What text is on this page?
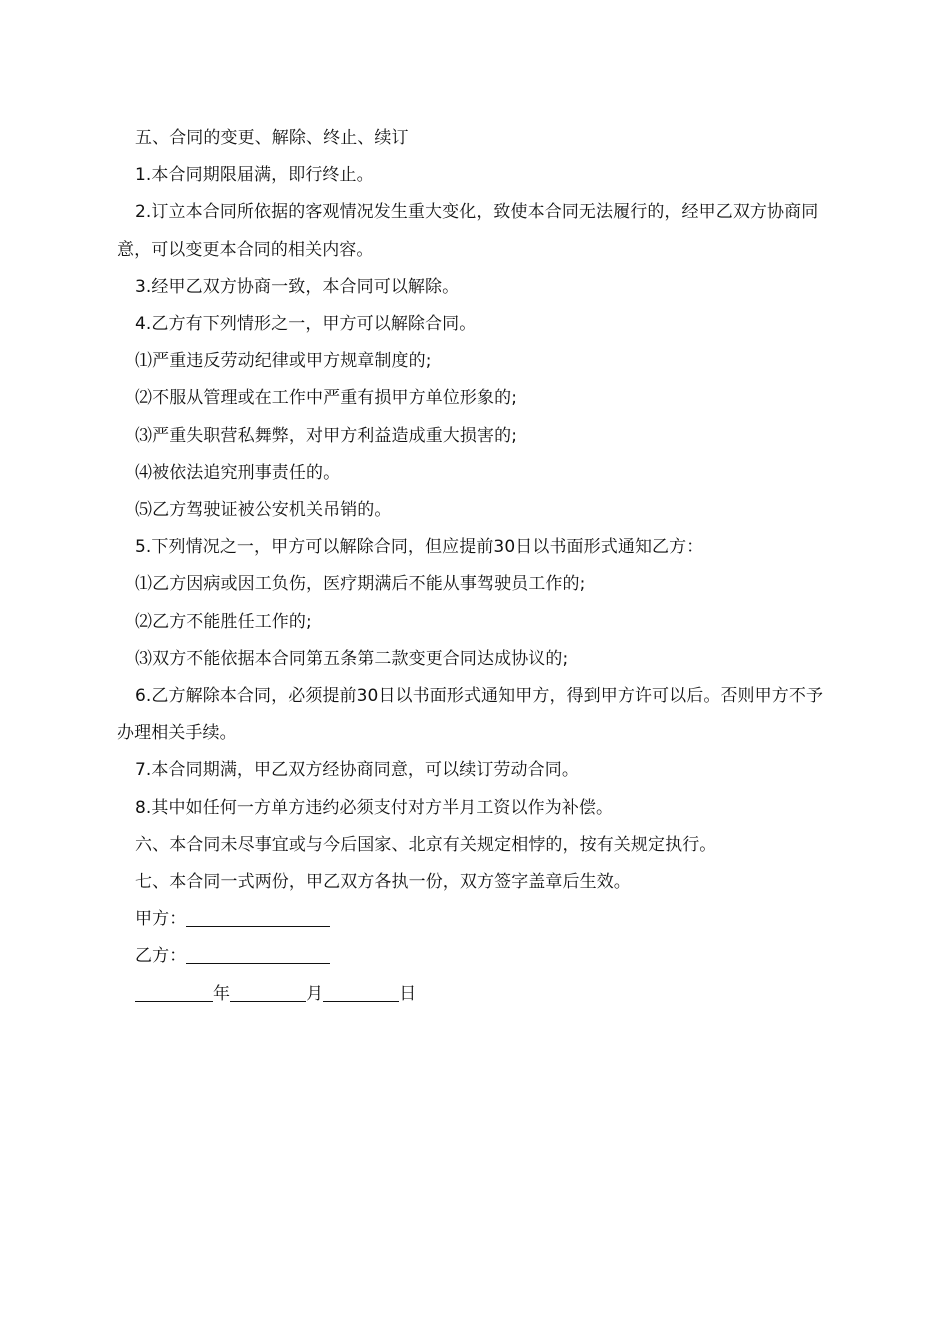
五、合同的变更、解除、终止、续订

1.本合同期限届满，即行终止。

2.订立本合同所依据的客观情况发生重大变化，致使本合同无法履行的，经甲乙双方协商同意，可以变更本合同的相关内容。

3.经甲乙双方协商一致，本合同可以解除。

4.乙方有下列情形之一，甲方可以解除合同。

⑴严重违反劳动纪律或甲方规章制度的;

⑵不服从管理或在工作中严重有损甲方单位形象的;

⑶严重失职营私舞弊，对甲方利益造成重大损害的;

⑷被依法追究刑事责任的。

⑸乙方驾驶证被公安机关吊销的。

5.下列情况之一，甲方可以解除合同，但应提前30日以书面形式通知乙方：

⑴乙方因病或因工负伤，医疗期满后不能从事驾驶员工作的;

⑵乙方不能胜任工作的;

⑶双方不能依据本合同第五条第二款变更合同达成协议的;

6.乙方解除本合同，必须提前30日以书面形式通知甲方，得到甲方许可以后。否则甲方不予办理相关手续。

7.本合同期满，甲乙双方经协商同意，可以续订劳动合同。

8.其中如任何一方单方违约必须支付对方半月工资以作为补偿。

六、本合同未尽事宜或与今后国家、北京有关规定相悖的，按有关规定执行。

七、本合同一式两份，甲乙双方各执一份，双方签字盖章后生效。

甲方：

乙方：

年	月	日
